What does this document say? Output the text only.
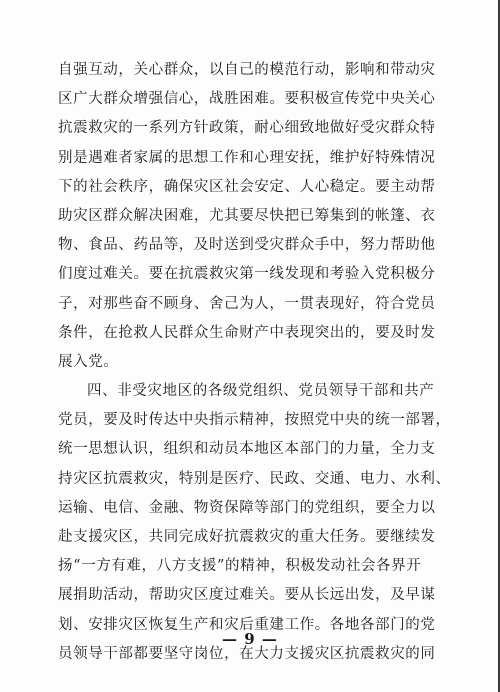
自强互动，关心群众，以自己的模范行动，影响和带动灾
区广大群众增强信心，战胜困难。要积极宣传党中央关心
抗震救灾的一系列方针政策，耐心细致地做好受灾群众特
别是遇难者家属的思想工作和心理安抚，维护好特殊情况
下的社会秩序，确保灾区社会安定、人心稳定。要主动帮
助灾区群众解决困难，尤其要尽快把已筹集到的帐篷、衣
物、食品、药品等，及时送到受灾群众手中，努力帮助他
们度过难关。要在抗震救灾第一线发现和考验入党积极分
子，对那些奋不顾身、舍己为人，一贯表现好，符合党员
条件，在抢救人民群众生命财产中表现突出的，要及时发
展入党。
四、非受灾地区的各级党组织、党员领导干部和共产
党员，要及时传达中央指示精神，按照党中央的统一部署，
统一思想认识，组织和动员本地区本部门的力量，全力支
持灾区抗震救灾，特别是医疗、民政、交通、电力、水利、
运输、电信、金融、物资保障等部门的党组织，要全力以
赴支援灾区，共同完成好抗震救灾的重大任务。要继续发
扬“一方有难，八方支援”的精神，积极发动社会各界开
展捐助活动，帮助灾区度过难关。要从长远出发，及早谋
划、安排灾区恢复生产和灾后重建工作。各地各部门的党
员领导干部都要坚守岗位，在大力支援灾区抗震救灾的同
— 9 —
